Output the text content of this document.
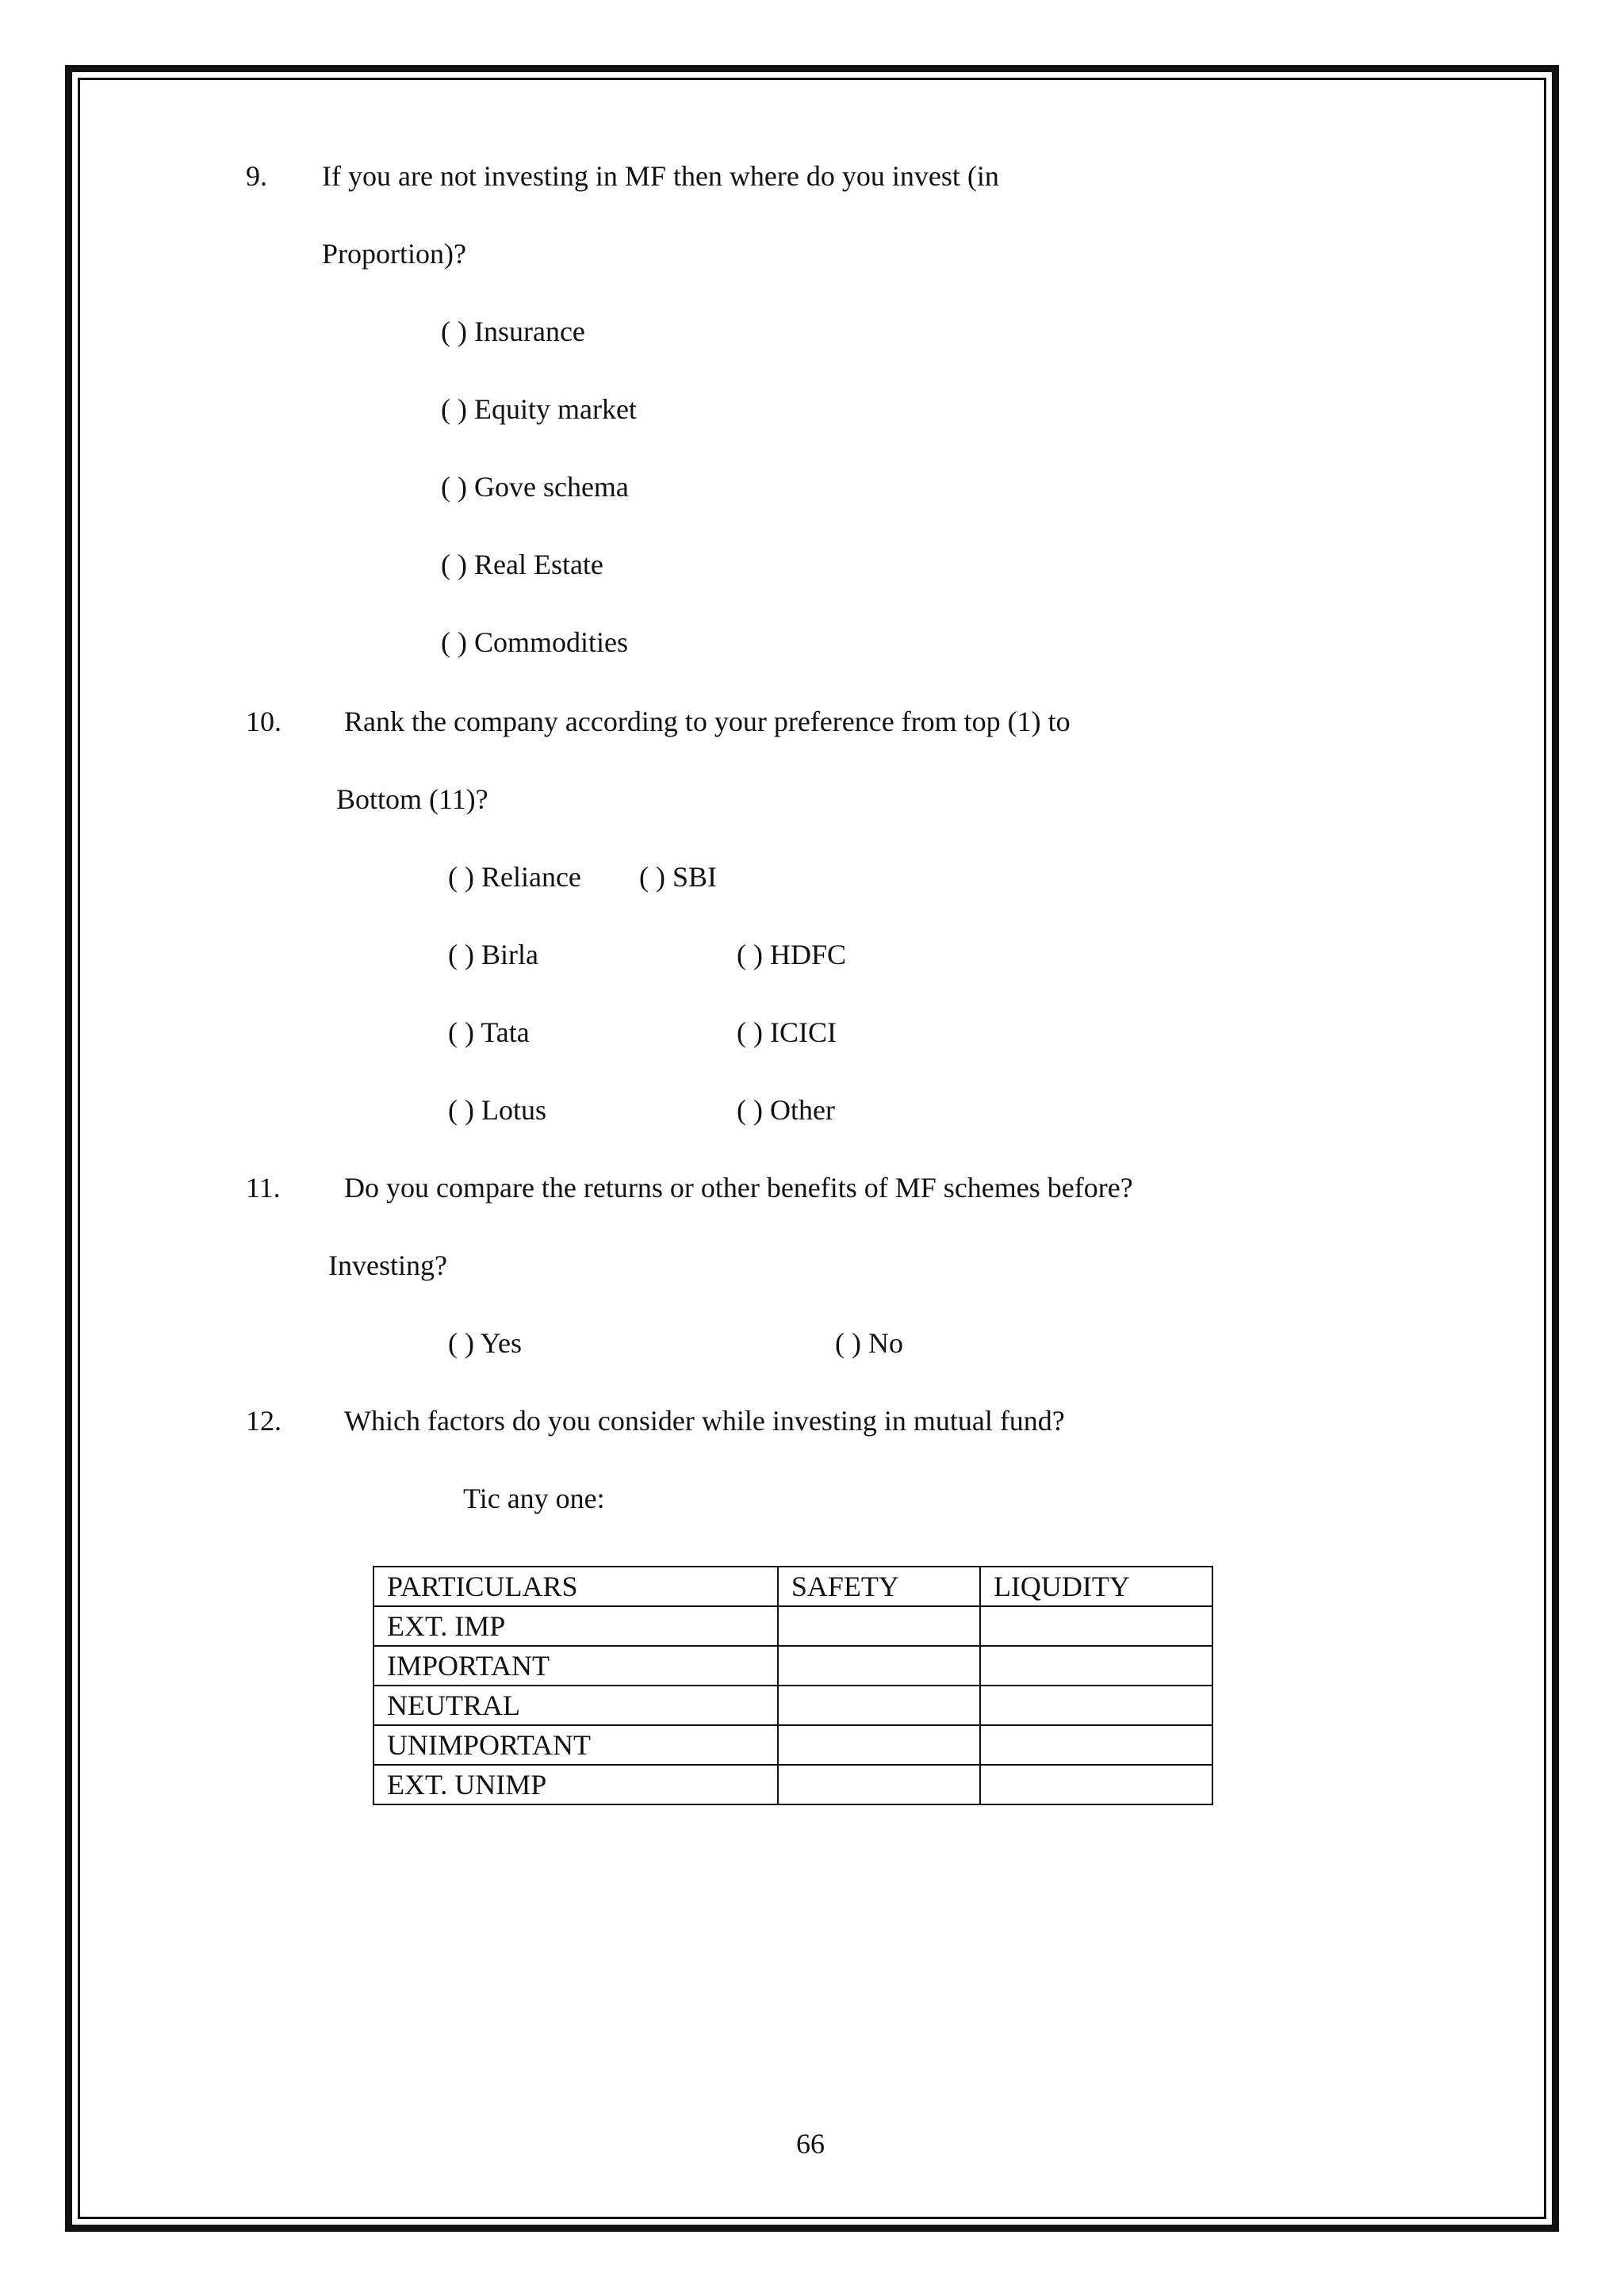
9. If you are not investing in MF then where do you invest (in
Proportion)?
( ) Insurance
( ) Equity market
( ) Gove schema
( ) Real Estate
( ) Commodities
10. Rank the company according to your preference from top (1) to
Bottom (11)?
( ) Reliance ( ) SBI
( ) Birla	( ) HDFC
( ) Tata	( ) ICICI
( ) Lotus	( ) Other
11. Do you compare the returns or other benefits of MF schemes before?
Investing?
( ) Yes	( ) No
12. Which factors do you consider while investing in mutual fund?
Tic any one:
PARTICULARS	SAFETY	LIQUDITY
EXT. IMP		
IMPORTANT		
NEUTRAL		
UNIMPORTANT		
EXT. UNIMP		
66
